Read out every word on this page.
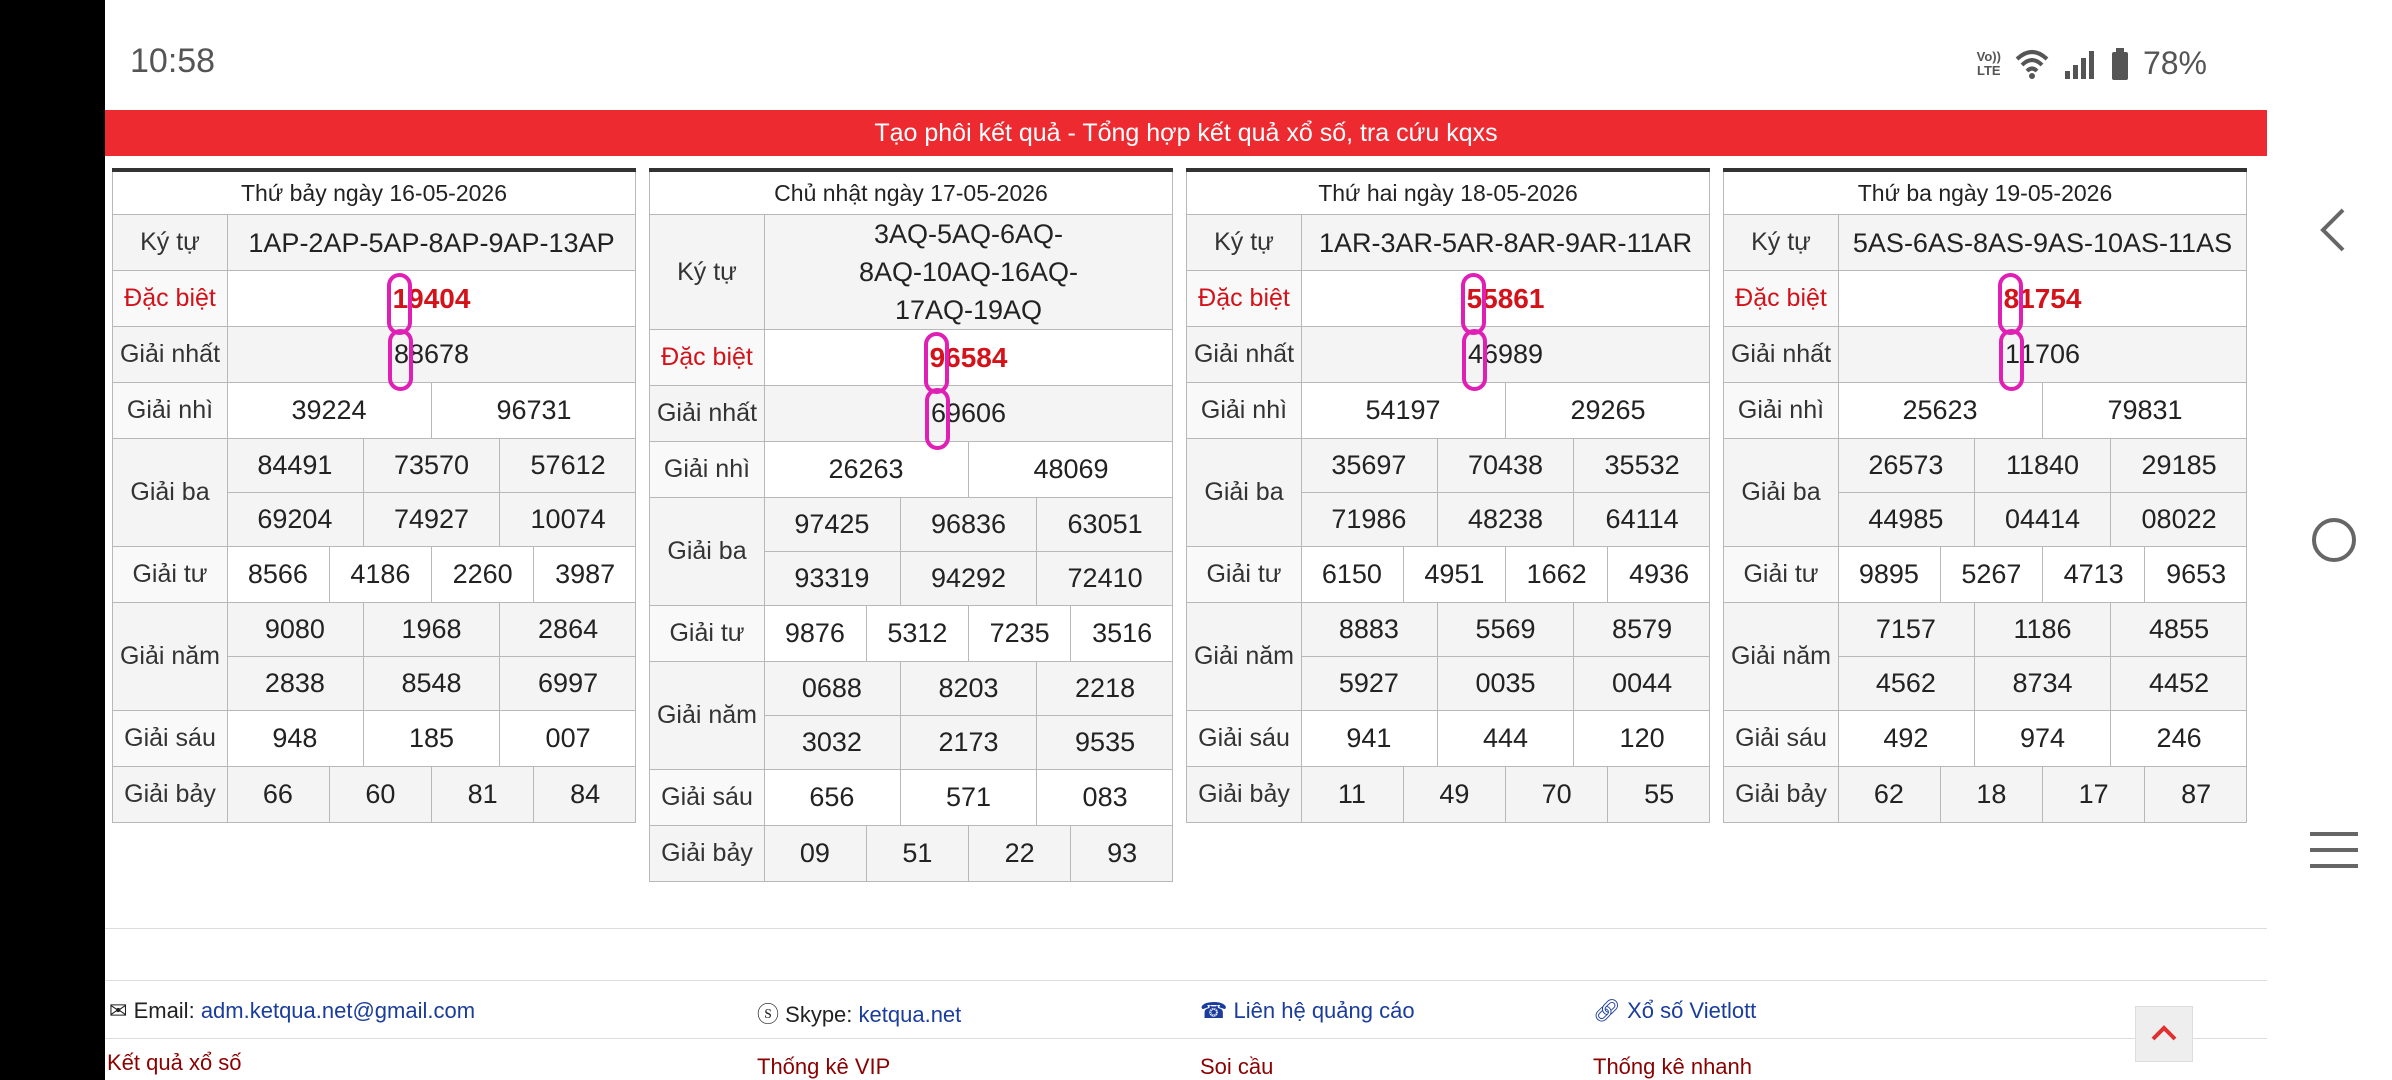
10:58	Vo))
LTE	78%
Tạo phôi kết quả - Tổng hợp kết quả xổ số, tra cứu kqxs
Thứ bảy ngày 16-05-2026
Ký tự	1AP-2AP-5AP-8AP-9AP-13AP
Đặc biệt	19404
Giải nhất	88678
Giải nhì		39224	96731

Giải ba	
84491	73570	57612

69204	74927	10074

Giải tư	8566	4186	2260	3987

Giải năm	
9080	1968	2864

2838	8548	6997

Giải sáu	948	185	007

Giải bảy	66	60	81	84
Chủ nhật ngày 17-05-2026
Ký tự	3AQ-5AQ-6AQ-8AQ-10AQ-16AQ-17AQ-19AQ
Đặc biệt	96584
Giải nhất	69606
Giải nhì		26263	48069

Giải ba	
97425	96836	63051

93319	94292	72410

Giải tư	9876	5312	7235	3516

Giải năm	
0688	8203	2218

3032	2173	9535

Giải sáu	656	571	083

Giải bảy	09	51	22	93
Thứ hai ngày 18-05-2026
Ký tự	1AR-3AR-5AR-8AR-9AR-11AR
Đặc biệt	55861
Giải nhất	46989
Giải nhì		54197	29265

Giải ba	
35697	70438	35532

71986	48238	64114

Giải tư	6150	4951	1662	4936

Giải năm	
8883	5569	8579

5927	0035	0044

Giải sáu	941	444	120

Giải bảy	11	49	70	55
Thứ ba ngày 19-05-2026
Ký tự	5AS-6AS-8AS-9AS-10AS-11AS
Đặc biệt	81754
Giải nhất	11706
Giải nhì		25623	79831

Giải ba	
26573	11840	29185

44985	04414	08022

Giải tư	9895	5267	4713	9653

Giải năm	
7157	1186	4855

4562	8734	4452

Giải sáu	492	974	246

Giải bảy	62	18	17	87
✉ Email: adm.ketqua.net@gmail.com	ⓢ Skype: ketqua.net	☎ Liên hệ quảng cáo	🔗︎ Xổ số Vietlott
Kết quả xổ số	Thống kê VIP	Soi cầu	Thống kê nhanh
